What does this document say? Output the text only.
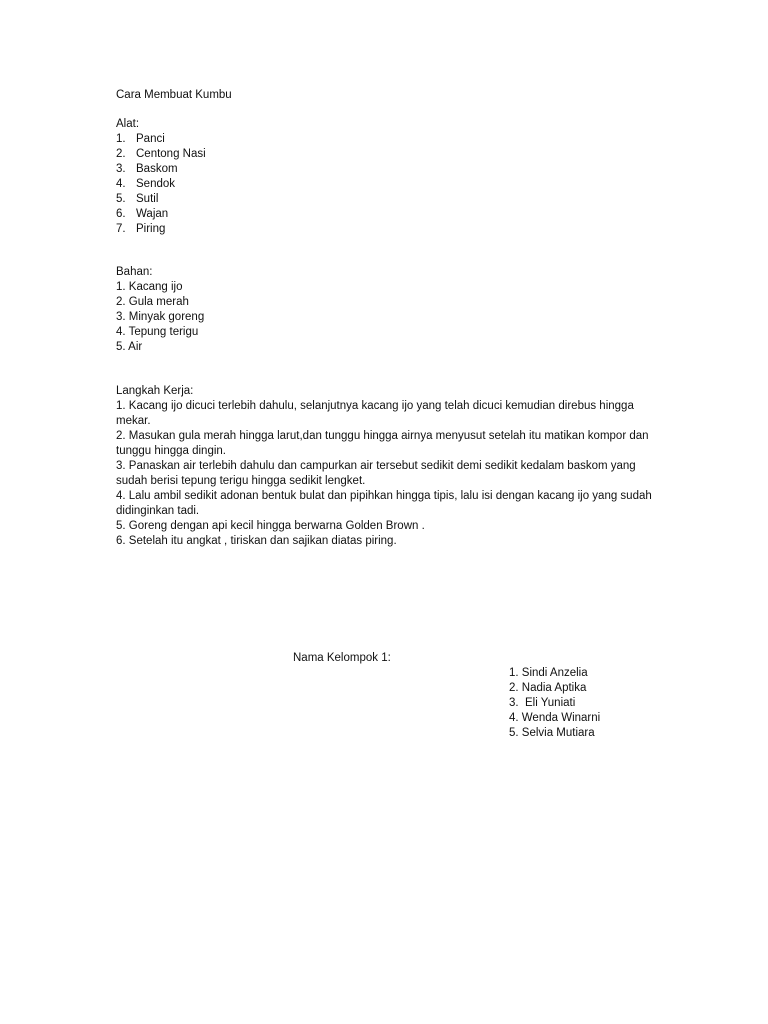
Cara Membuat Kumbu
Alat:
1. Panci
2. Centong Nasi
3. Baskom
4. Sendok
5. Sutil
6. Wajan
7. Piring
Bahan:
1. Kacang ijo
2. Gula merah
3. Minyak goreng
4. Tepung terigu
5. Air
Langkah Kerja:
1. Kacang ijo dicuci terlebih dahulu, selanjutnya kacang ijo yang telah dicuci kemudian direbus hingga mekar.
2. Masukan gula merah hingga larut,dan tunggu hingga airnya menyusut setelah itu matikan kompor dan tunggu hingga dingin.
3. Panaskan air terlebih dahulu dan campurkan air tersebut sedikit demi sedikit kedalam baskom yang sudah berisi tepung terigu hingga sedikit lengket.
4. Lalu ambil sedikit adonan bentuk bulat dan pipihkan hingga tipis, lalu isi dengan kacang ijo yang sudah didinginkan tadi.
5. Goreng dengan api kecil hingga berwarna Golden Brown .
6. Setelah itu angkat , tiriskan dan sajikan diatas piring.
Nama Kelompok 1:
1. Sindi Anzelia
2. Nadia Aptika
3.  Eli Yuniati
4. Wenda Winarni
5. Selvia Mutiara
